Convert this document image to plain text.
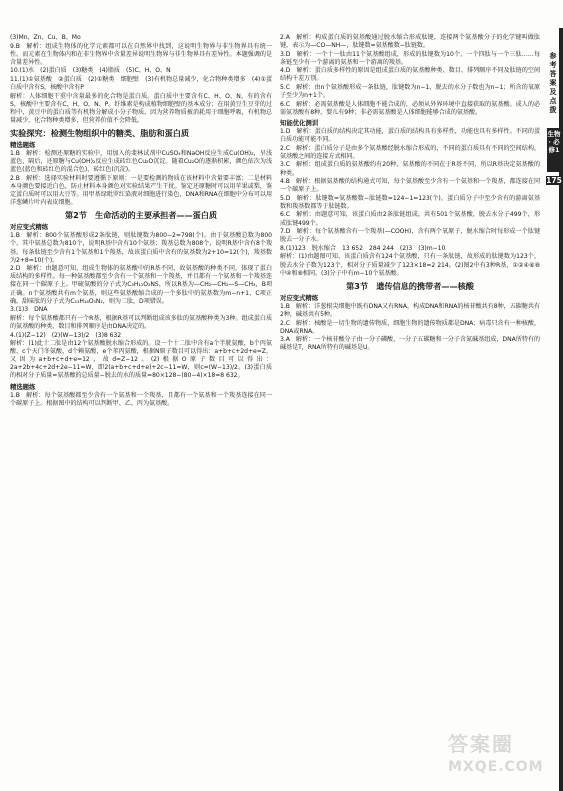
(3)Mn、Zn、Cu、B、Mo

9.B　解析：组成生物体的化学元素都可以在自然界中找到，这说明生物界与非生物界具有统一性。而元素在生物体内和在非生物界中含量差异说明生物界与非生物界具有差异性。本题强调的是含量差异性。

10.(1)水　(2)蛋白质　(3)糖类　(4)脂质　(5)C、H、O、N

11.(1)①氨基酸　②蛋白质　(2)①糖类　细胞壁　(3)有机物总量减少，化合物种类增多　(4)①蛋白质中含有S，核酸中含有P

解析：人体细胞干重中含量最多的化合物是蛋白质。蛋白质中主要含有C、H、O、N，有的含有S，核酸中主要含有C、H、O、N、P。纤维素是构成植物细胞壁的基本成分；在用黄豆生豆芽的过程中，黄豆中的蛋白质等有机物分解成小分子物质，因为营养物质被消耗用于细胞呼吸，有机物总量减少，化合物种类增多，但营养价值不会降低。

实验探究：检测生物组织中的糖类、脂肪和蛋白质
精选题练

1.B　解析：检测还原糖的实验中，用加入的斐林试剂中CuSO₄和NaOH反应生成Cu(OH)₂，呈浅蓝色，隔后，还原糖与Cu(OH)₂反应生成砖红色Cu₂O沉淀。随着Cu₂O的逐渐积累，颜色依次为浅蓝色(蓝色和砖红色的混合色)、砖红色(沉淀)。

2.B　解析：选择实验材料时要遵循下原则：一是要检测的物质在该材料中含量要丰富；二是材料本身颜色要接近白色，防止材料本身颜色对实验结果产生干扰。鉴定还原糖时可以用苹果或梨，鉴定蛋白质时可以用大豆等。用甲基绿吡罗红染液对细胞进行染色，DNA和RNA在细胞中分布可以用洋葱鳞片叶内表皮细胞。

第2节　生命活动的主要承担者——蛋白质
对应变式精练

1.B　解析：800个氨基酸形成2条肽链，则肽键数为800−2=798(个)。由于氨基酸总数为800个，其中氨基总数为810个，说明R基中含有10个氨基；羧基总数为808个，说明R基中含有8个羧基。每条肽链至少含有1个氨基和1个羧基，故该蛋白质中含有的氨基数为2+10=12(个)，羧基数为2+8=10(个)。

2.D　解析：由题意可知，组成生物体的氨基酸中的R基不同，故氨基酸的种类不同，体现了蛋白质结构的多样性。每一种氨基酸都至少含有一个氨基和一个羧基，并且都有一个氨基和一个羧基连接在同一个碳原子上。甲硫氨酸的分子式为C₅H₁₁O₂NS，所以R基为—CH₂—CH₂—S—CH₃，B项正确。n个氨基酸共有m个氨基，则这些氨基酸缩合成的一个多肽中的氨基数为m−n+1，C项正确。甜味肽的分子式为C₁₃H₁₆O₅N₂，则为二肽，D项错误。

3.(1)3　DNA

解析：每个氨基酸都只有一个R基，根据R基可以判断组成该多肽的氨基酸种类为3种。组成蛋白质的氨基酸的种类、数目和排列顺序是由DNA决定的。

4.(1)(Z−12)　(2)(W−13)/2　(3)8 632

解析：(1)此十二肽是由12个氨基酸脱水缩合形成的。设一个十二肽中含有a个半胱氨酸，b个丙氨酸，c个天门冬氨酸，d个赖氨酸，e个苯丙氨酸，根据N原子数目可以得出：a+b+c+2d+e=Z，又因为a+b+c+d+e=12，故d=Z−12。(2)根据O原子数目可以得出：2a+2b+4c+2d+2e−11=W，即2(a+b+c+d+e)+2c−11=W，则c=(W−13)/2。(3)蛋白质的相对分子质量=氨基酸的总质量−脱去的水的质量=80×128−(80−4)×18=8 632。

精选题练

1.B　解析：每个氨基酸都至少含有一个氨基和一个羧基，且都有一个氨基和一个羧基连接在同一个碳原子上。根据图中的结构可以判断甲、乙、丙为氨基酸。

2.A　解析：构成蛋白质的氨基酸通过脱水缩合形成肽键，连接两个氨基酸分子的化学键叫做肽键，表示为—CO—NH—，肽键数=氨基酸数−肽链数。

3.D　解析：一个十一肽由11个氨基酸组成，形成的肽键数为10个，一个四肽与一个三肽……每条链至少有一个游离的氨基和一个游离的羧基。

4.D　解析：蛋白质多样性的原因是组成蛋白质的氨基酸种类、数目、排列顺序不同及肽链的空间结构千差万别。

5.C　解析：由n个氨基酸形成一条肽链，肽键数为n−1，脱去的水分子数也为n−1；所含的氧原子至少为n+1个。

6.C　解析：必需氨基酸是人体细胞不能合成的，必须从外界环境中直接获取的氨基酸。成人的必需氨基酸有8种，婴儿有9种；非必需氨基酸是人体细胞能够合成的氨基酸。

知能优化测训

1.D　解析：蛋白质的结构决定其功能，蛋白质的结构具有多样性，功能也具有多样性。不同的蛋白质功能可能不同。

2.C　解析：蛋白质分子是由多个氨基酸经脱水缩合形成的，不同的蛋白质具有不同的空间结构，氨基酸之间的连接方式相同。

3.C　解析：组成蛋白质的氨基酸约有20种，氨基酸的不同在于R基不同，所以R基决定氨基酸的种类。

4.B　解析：根据氨基酸的结构通式可知，每个氨基酸至少含有一个氨基和一个羧基，都连接在同一个碳原子上。

5.D　解析：肽键数=氨基酸数−肽链数=124−1=123(个)，蛋白质分子中至少含有的游离氨基数和羧基数都等于肽链数。

6.C　解析：由题意可知，该蛋白质由2条肽链组成，共有501个氨基酸，脱去水分子499个，形成肽键499个。

7.D　解析：每个氨基酸含有一个羧基(—COOH)，含有两个氧原子，脱水缩合时每形成一个肽键脱去一分子水。

8.(1)123　脱水缩合　13 652　284 244　(2)3　(3)m−10

解析：(1)由题图可知，该蛋白质含有124个氨基酸，只有一条肽链，故形成的肽键数为123个，脱去水分子数为123个，相对分子质量减少了123×18=2 214。(2)图2中有3种R基，①②④⑥⑧中④和⑧相同。(3)分子中有m−10个氨基酸。

第3节　遗传信息的携带者——核酸
对应变式精练

1.B　解析：洋葱根尖细胞中既有DNA又有RNA，构成DNA和RNA的核苷酸共有8种，五碳糖共有2种，碱基共有5种。

2.C　解析：核酸是一切生物的遗传物质，细胞生物的遗传物质都是DNA；病毒只含有一种核酸，DNA或RNA。

3.A　解析：一个核苷酸分子由一分子磷酸、一分子五碳糖和一分子含氮碱基组成，DNA所特有的碱基是T，RNA所特有的碱基是U。

参考答案及点拨
生物 · 必修1
175
答案圈
MXQE.COM
